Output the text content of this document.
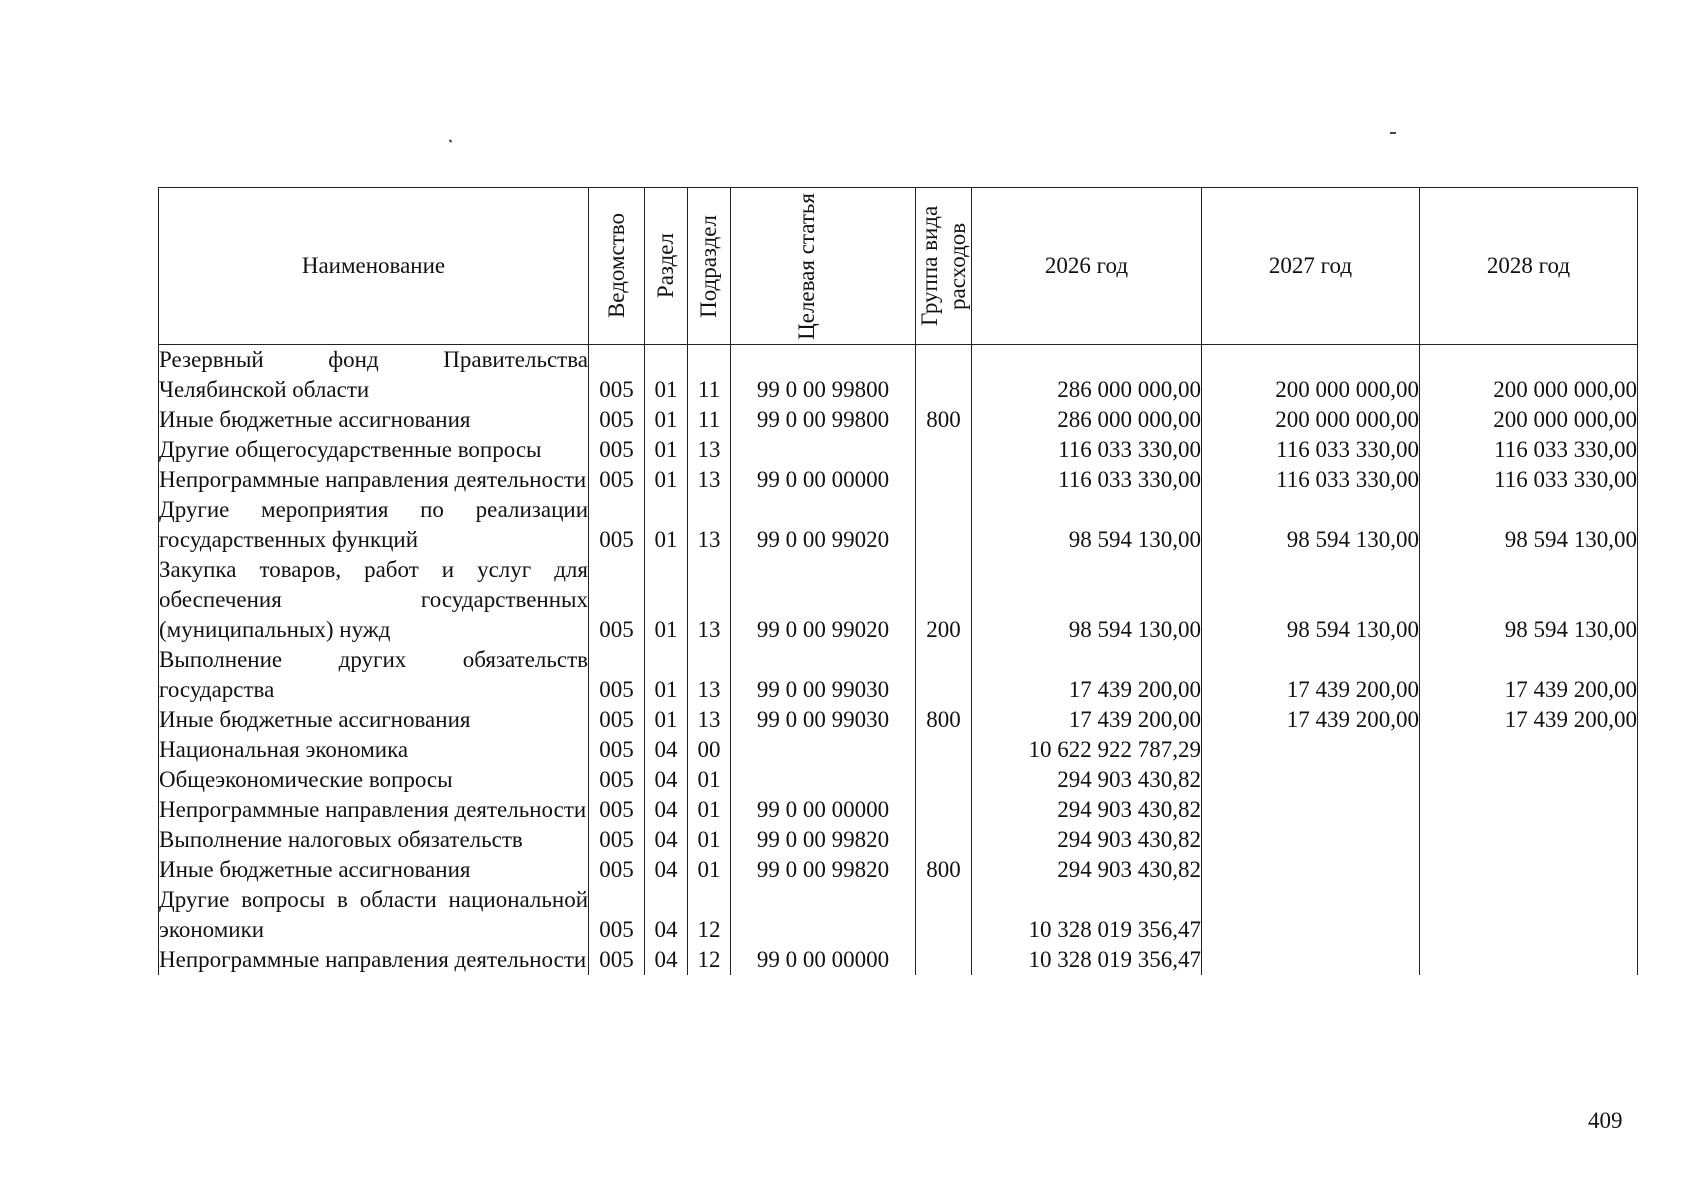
Наименование	Ведомство	Раздел	Подраздел	Целевая статья	Группа вида расходов	2026 год	2027 год	2028 год
Резервный фонд Правительства Челябинской области	005	01	11	99 0 00 99800		286 000 000,00	200 000 000,00	200 000 000,00
Иные бюджетные ассигнования	005	01	11	99 0 00 99800	800	286 000 000,00	200 000 000,00	200 000 000,00
Другие общегосударственные вопросы	005	01	13			116 033 330,00	116 033 330,00	116 033 330,00
Непрограммные направления деятельности	005	01	13	99 0 00 00000		116 033 330,00	116 033 330,00	116 033 330,00
Другие мероприятия по реализации государственных функций	005	01	13	99 0 00 99020		98 594 130,00	98 594 130,00	98 594 130,00
Закупка товаров, работ и услуг для обеспечения государственных (муниципальных) нужд	005	01	13	99 0 00 99020	200	98 594 130,00	98 594 130,00	98 594 130,00
Выполнение других обязательств государства	005	01	13	99 0 00 99030		17 439 200,00	17 439 200,00	17 439 200,00
Иные бюджетные ассигнования	005	01	13	99 0 00 99030	800	17 439 200,00	17 439 200,00	17 439 200,00
Национальная экономика	005	04	00			10 622 922 787,29		
Общеэкономические вопросы	005	04	01			294 903 430,82		
Непрограммные направления деятельности	005	04	01	99 0 00 00000		294 903 430,82		
Выполнение налоговых обязательств	005	04	01	99 0 00 99820		294 903 430,82		
Иные бюджетные ассигнования	005	04	01	99 0 00 99820	800	294 903 430,82		
Другие вопросы в области национальной экономики	005	04	12			10 328 019 356,47		
Непрограммные направления деятельности	005	04	12	99 0 00 00000		10 328 019 356,47		
409
